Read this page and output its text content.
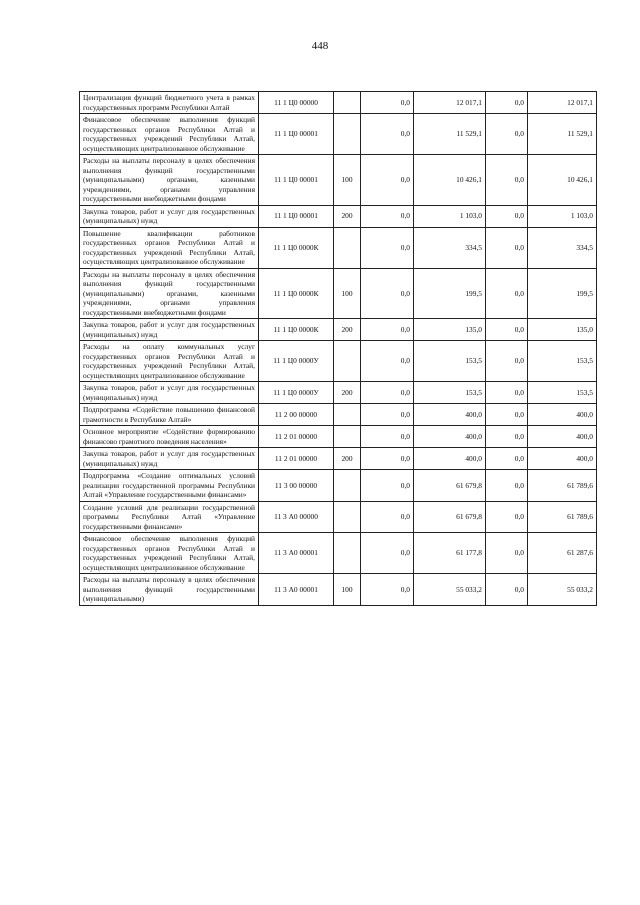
448
Централизация функций бюджетного учета в рамках государственных программ Республики Алтай	11 1 Ц0 00000		0,0	12 017,1	0,0	12 017,1
Финансовое обеспечение выполнения функций государственных органов Республики Алтай и государственных учреждений Республики Алтай, осуществляющих централизованное обслуживание	11 1 Ц0 00001		0,0	11 529,1	0,0	11 529,1
Расходы на выплаты персоналу в целях обеспечения выполнения функций государственными (муниципальными) органами, казенными учреждениями, органами управления государственными внебюджетными фондами	11 1 Ц0 00001	100	0,0	10 426,1	0,0	10 426,1
Закупка товаров, работ и услуг для государственных (муниципальных) нужд	11 1 Ц0 00001	200	0,0	1 103,0	0,0	1 103,0
Повышение квалификации работников государственных органов Республики Алтай и государственных учреждений Республики Алтай, осуществляющих централизованное обслуживание	11 1 Ц0 0000К		0,0	334,5	0,0	334,5
Расходы на выплаты персоналу в целях обеспечения выполнения функций государственными (муниципальными) органами, казенными учреждениями, органами управления государственными внебюджетными фондами	11 1 Ц0 0000К	100	0,0	199,5	0,0	199,5
Закупка товаров, работ и услуг для государственных (муниципальных) нужд	11 1 Ц0 0000К	200	0,0	135,0	0,0	135,0
Расходы на оплату коммунальных услуг государственных органов Республики Алтай и государственных учреждений Республики Алтай, осуществляющих централизованное обслуживание	11 1 Ц0 0000У		0,0	153,5	0,0	153,5
Закупка товаров, работ и услуг для государственных (муниципальных) нужд	11 1 Ц0 0000У	200	0,0	153,5	0,0	153,5
Подпрограмма «Содействие повышению финансовой грамотности в Республике Алтай»	11 2 00 00000		0,0	400,0	0,0	400,0
Основное мероприятие «Содействие формированию финансово грамотного поведения населения»	11 2 01 00000		0,0	400,0	0,0	400,0
Закупка товаров, работ и услуг для государственных (муниципальных) нужд	11 2 01 00000	200	0,0	400,0	0,0	400,0
Подпрограмма «Создание оптимальных условий реализации государственной программы Республики Алтай «Управление государственными финансами»	11 3 00 00000		0,0	61 679,8	0,0	61 789,6
Создание условий для реализации государственной программы Республики Алтай «Управление государственными финансами»	11 3 А0 00000		0,0	61 679,8	0,0	61 789,6
Финансовое обеспечение выполнения функций государственных органов Республики Алтай и государственных учреждений Республики Алтай, осуществляющих централизованное обслуживание	11 3 А0 00001		0,0	61 177,8	0,0	61 287,6
Расходы на выплаты персоналу в целях обеспечения выполнения функций государственными (муниципальными)	11 3 А0 00001	100	0,0	55 033,2	0,0	55 033,2
